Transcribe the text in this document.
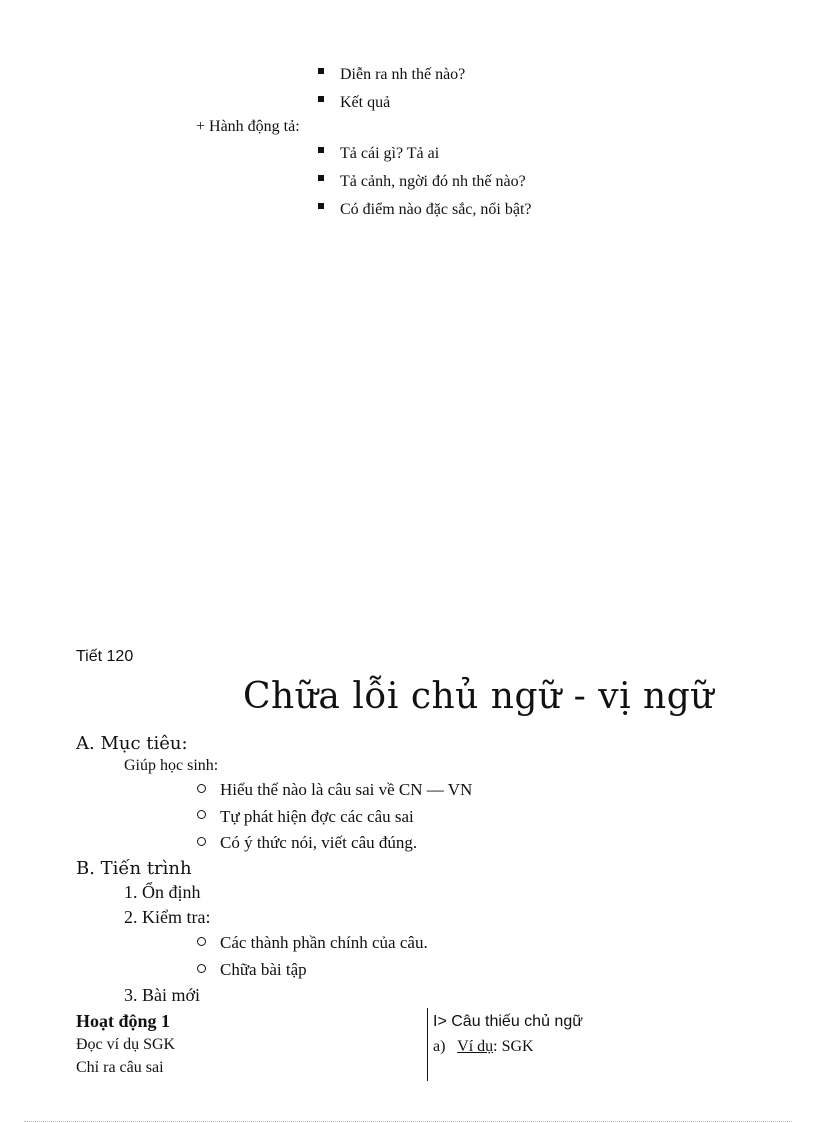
Diễn ra nh thế nào?
Kết quả
+ Hành động tả:
Tả cái gì? Tả ai
Tả cảnh, ngời đó nh thế nào?
Có điểm nào đặc sắc, nổi bật?
Tiết 120
Chữa lỗi chủ ngữ - vị ngữ
A. Mục tiêu:
Giúp học sinh:
Hiểu thế nào là câu sai về CN — VN
Tự phát hiện đợc các câu sai
Có ý thức nói, viết câu đúng.
B. Tiến trình
1. Ổn định
2. Kiểm tra:
Các thành phần chính của câu.
Chữa bài tập
3. Bài mới
Hoạt động 1
Đọc ví dụ SGK
Chỉ ra câu sai
I> Câu thiếu chủ ngữ
a) Ví dụ: SGK
